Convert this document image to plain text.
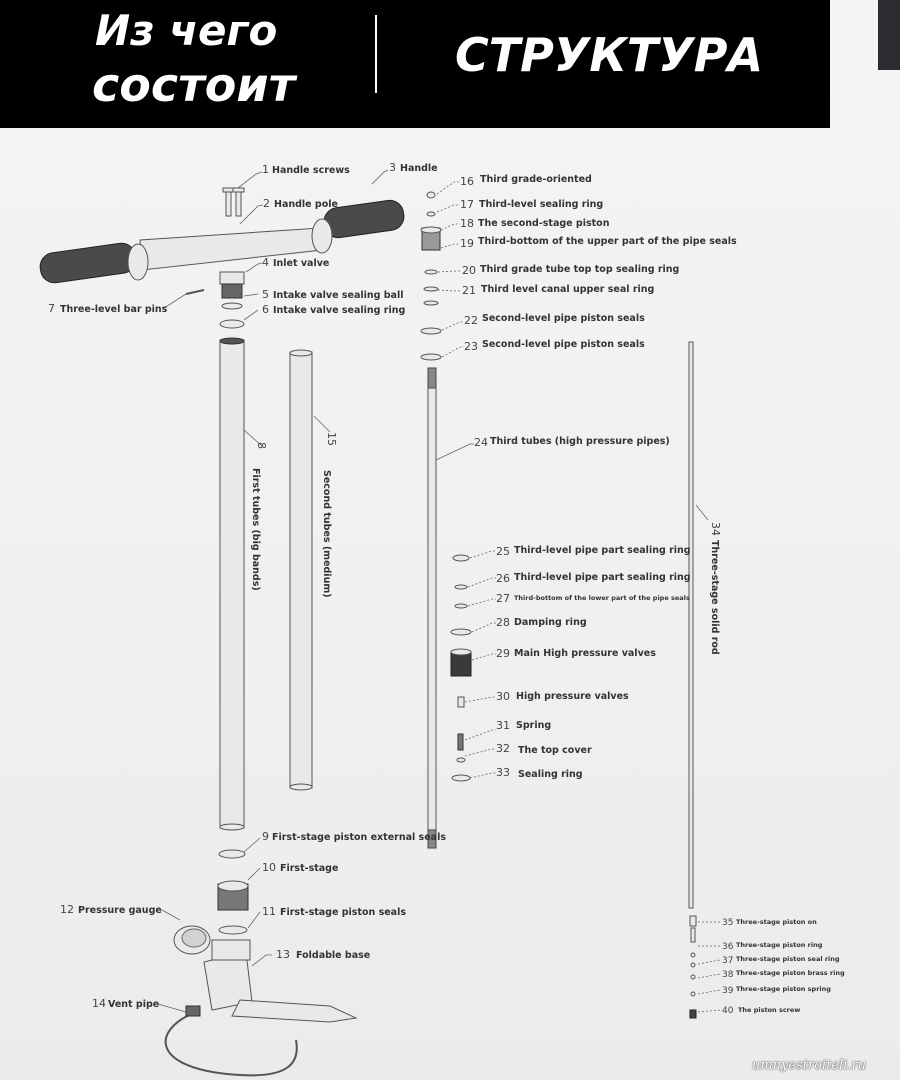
Из чего
состоит
СТРУКТУРА
1 Handle screws
2 Handle pole
3 Handle
4 Inlet valve
5 Intake valve sealing ball
6 Intake valve sealing ring
7 Three-level bar pins
8
First tubes (big bands)
9 First-stage piston external seals
10 First-stage
11 First-stage piston seals
12 Pressure gauge
13 Foldable base
14 Vent pipe
15
Second tubes (medium)
16 Third grade-oriented
17 Third-level sealing ring
18 The second-stage piston
19 Third-bottom of the upper part of the pipe seals
20 Third grade tube top top sealing ring
21 Third level canal upper seal ring
22 Second-level pipe piston seals
23 Second-level pipe piston seals
24 Third tubes (high pressure pipes)
25 Third-level pipe part sealing ring
26 Third-level pipe part sealing ring
27 Third-bottom of the lower part of the pipe seals
28 Damping ring
29 Main High pressure valves
30 High pressure valves
31 Spring
32 The top cover
33 Sealing ring
34
Three-stage solid rod
35 Three-stage piston on
36 Three-stage piston ring
37 Three-stage piston seal ring
38 Three-stage piston brass ring
39 Three-stage piston spring
40 The piston screw
umnyestroiteli.ru
